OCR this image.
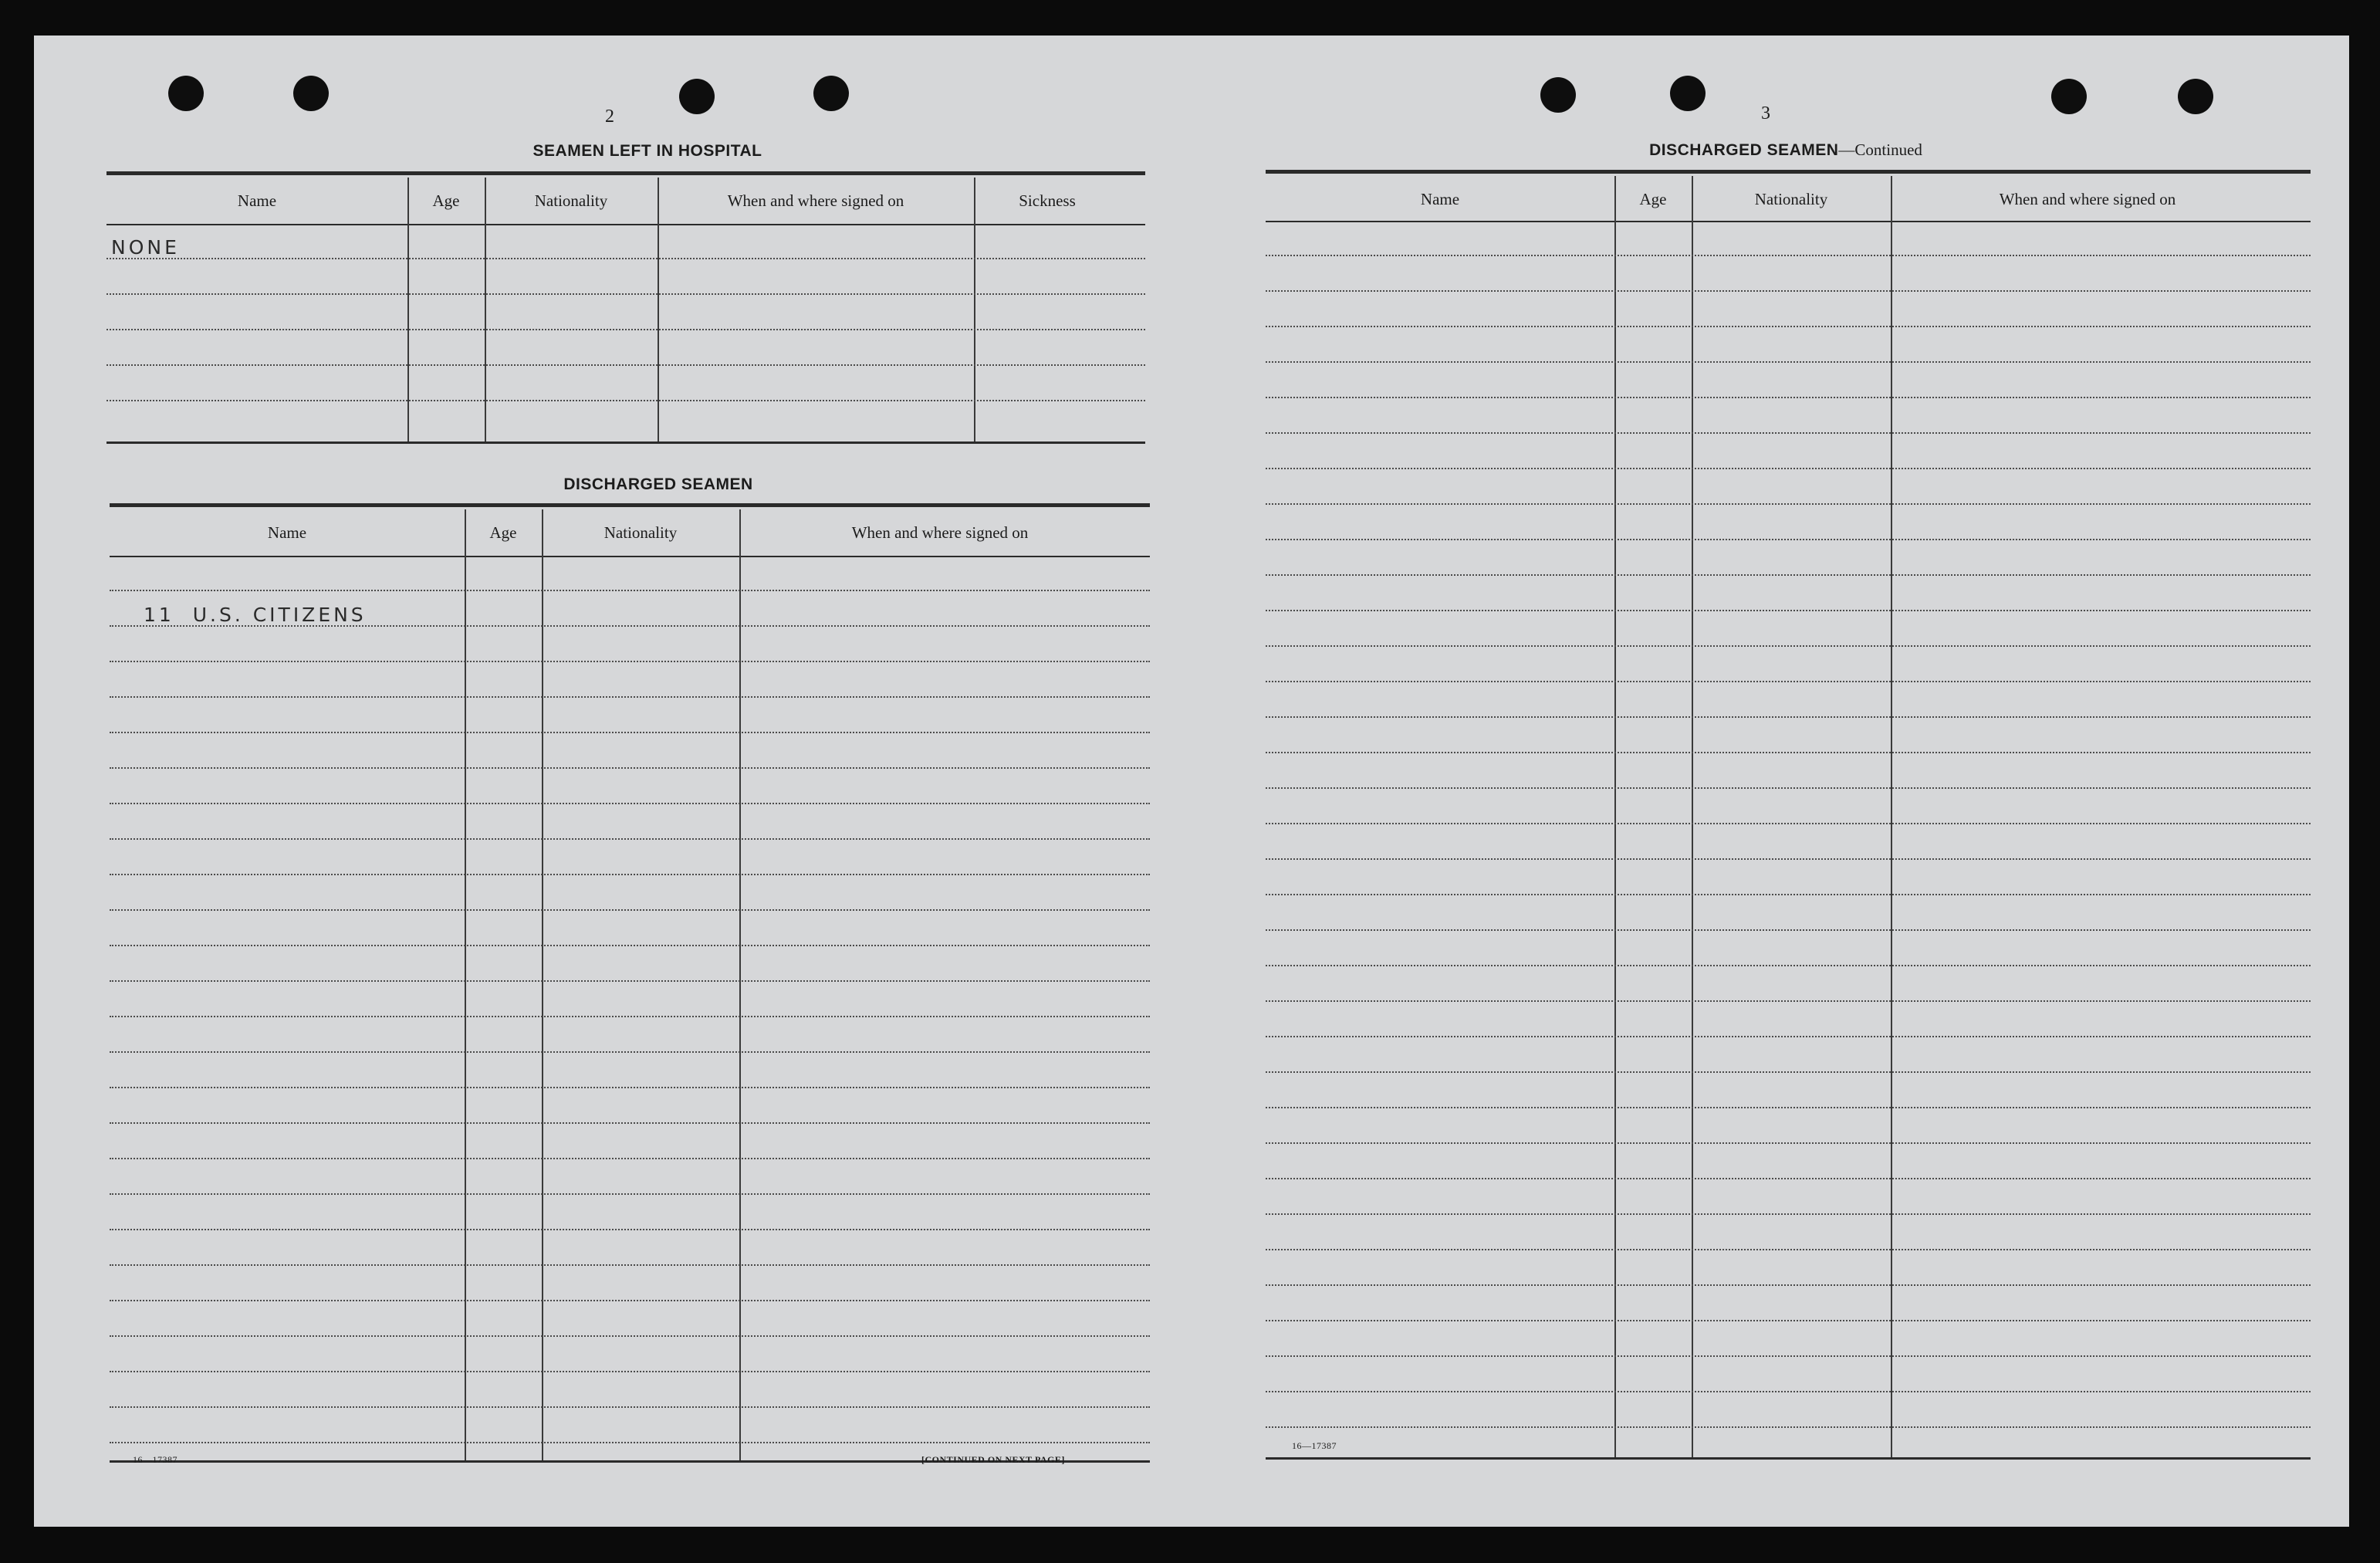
2
SEAMEN LEFT IN HOSPITAL
Name	Age	Nationality	When and where signed on	Sickness
NONE
DISCHARGED SEAMEN
Name	Age	Nationality	When and where signed on
11  U.S. CITIZENS
16—17387	[CONTINUED ON NEXT PAGE]
3
DISCHARGED SEAMEN—Continued
Name	Age	Nationality	When and where signed on
16—17387
